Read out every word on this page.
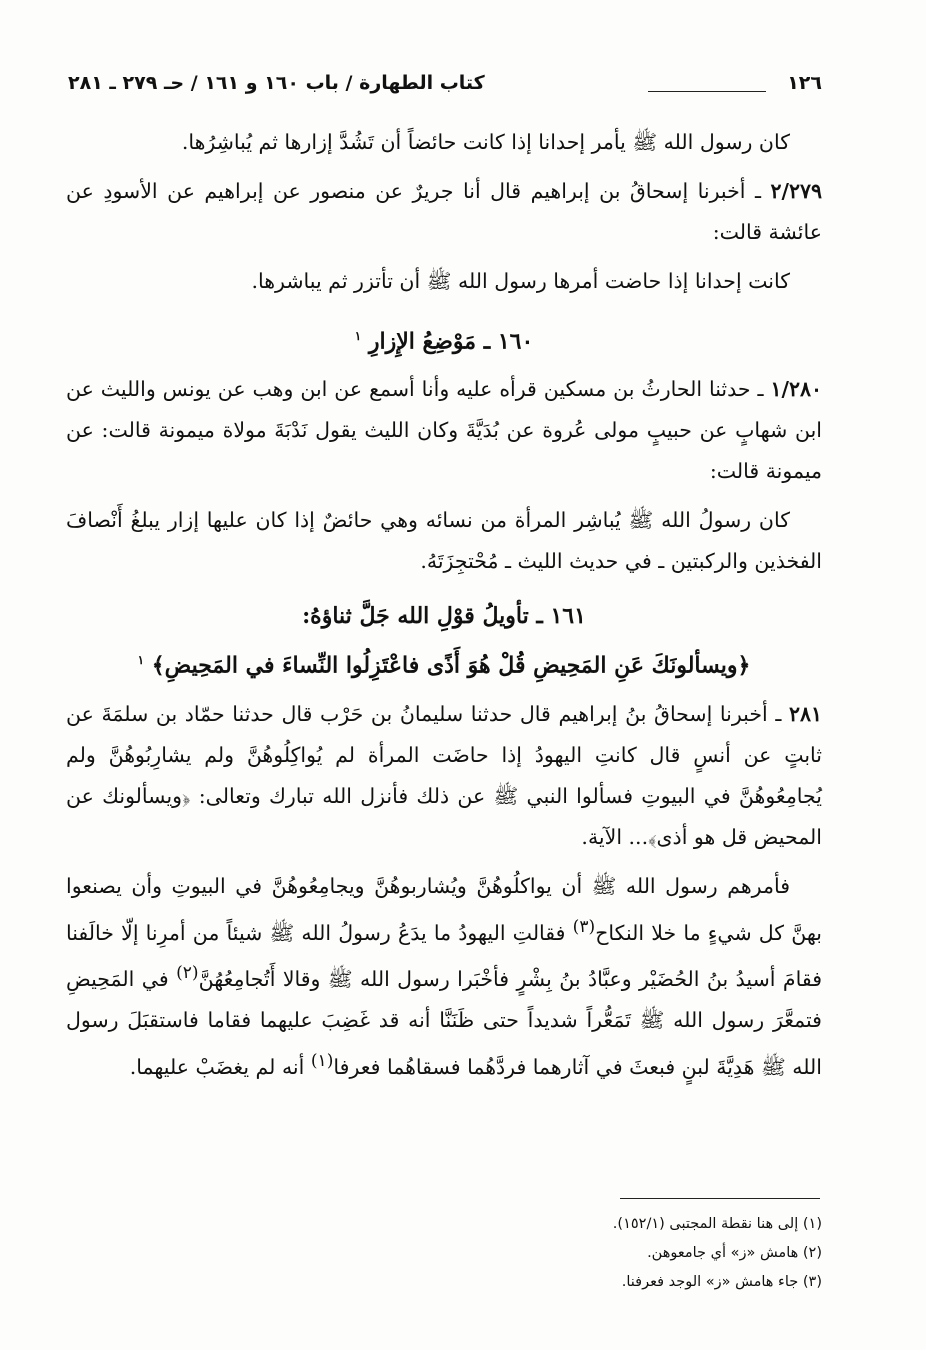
١٢٦
كتاب الطهارة / باب ١٦٠ و ١٦١ / حـ ٢٧٩ ـ ٢٨١

كان رسول الله ﷺ يأمر إحدانا إذا كانت حائضاً أن تَشُدَّ إزارها ثم يُباشِرُها.

٢/٢٧٩ ـ أخبرنا إسحاقُ بن إبراهيم قال أنا جريرٌ عن منصور عن إبراهيم عن الأسودِ عن عائشة قالت:

كانت إحدانا إذا حاضت أمرها رسول الله ﷺ أن تأتزر ثم يباشرها.

١٦٠ ـ مَوْضِعُ الإِزارِ $^١$

١/٢٨٠ ـ حدثنا الحارثُ بن مسكين قرأه عليه وأنا أسمع عن ابن وهب عن يونس والليث عن ابن شهابٍ عن حبيبٍ مولى عُروة عن بُدَيَّةَ وكان الليث يقول نَدْبَةَ مولاة ميمونة قالت: عن ميمونة قالت:

كان رسولُ الله ﷺ يُباشِر المرأة من نسائه وهي حائضٌ إذا كان عليها إزار يبلغُ أَنْصافَ الفخذين والركبتين ـ في حديث الليث ـ مُحْتجِزَتَهُ.

١٦١ ـ تأويلُ قوْلِ الله جَلَّ ثناؤهُ:
﴿ويسألونَكَ عَنِ المَحِيضِ قُلْ هُوَ أَذًى فاعْتَزِلُوا النِّساءَ في المَحِيضِ﴾ $^١$

٢٨١ ـ أخبرنا إسحاقُ بنُ إبراهيم قال حدثنا سليمانُ بن حَرْب قال حدثنا حمّاد بن سلمَةَ عن ثابتٍ عن أنسٍ قال كانتِ اليهودُ إذا حاضَت المرأة لم يُواكِلُوهُنَّ ولم يشارِبُوهُنَّ ولم يُجامِعُوهُنَّ في البيوتِ فسألوا النبي ﷺ عن ذلك فأنزل الله تبارك وتعالى: ﴿ويسألونك عن المحيض قل هو أذى﴾... الآية.

فأمرهم رسول الله ﷺ أن يواكلُوهُنَّ ويُشاربوهُنَّ ويجامِعُوهُنَّ في البيوتِ وأن يصنعوا بهنَّ كل شيءٍ ما خلا النكاح$^{(٣)}$ فقالتِ اليهودُ ما يدَعُ رسولُ الله ﷺ شيئاً من أمرِنا إلّا خالَفنا فقامَ أسيدُ بنُ الحُضَيْر وعبَّادُ بنُ بِشْرٍ فأخْبَرا رسول الله ﷺ وقالا أَتُجامِعُهُنَّ$^{(٢)}$ في المَحِيضِ فتمعَّرَ رسول الله ﷺ تَمَعُّراً شديداً حتى ظَنَنَّا أنه قد غَضِبَ عليهما فقاما فاستقبَلَ رسول الله ﷺ هَدِيَّةَ لبنٍ فبعثَ في آثارهما فردَّهُما فسقاهُما فعرفا$^{(١)}$ أنه لم يغضَبْ عليهما.

(١) إلى هنا نقطة المجتبى (١٥٢/١).
(٢) هامش «ز» أي جامعوهن.
(٣) جاء هامش «ز» الوجد فعرفنا.
